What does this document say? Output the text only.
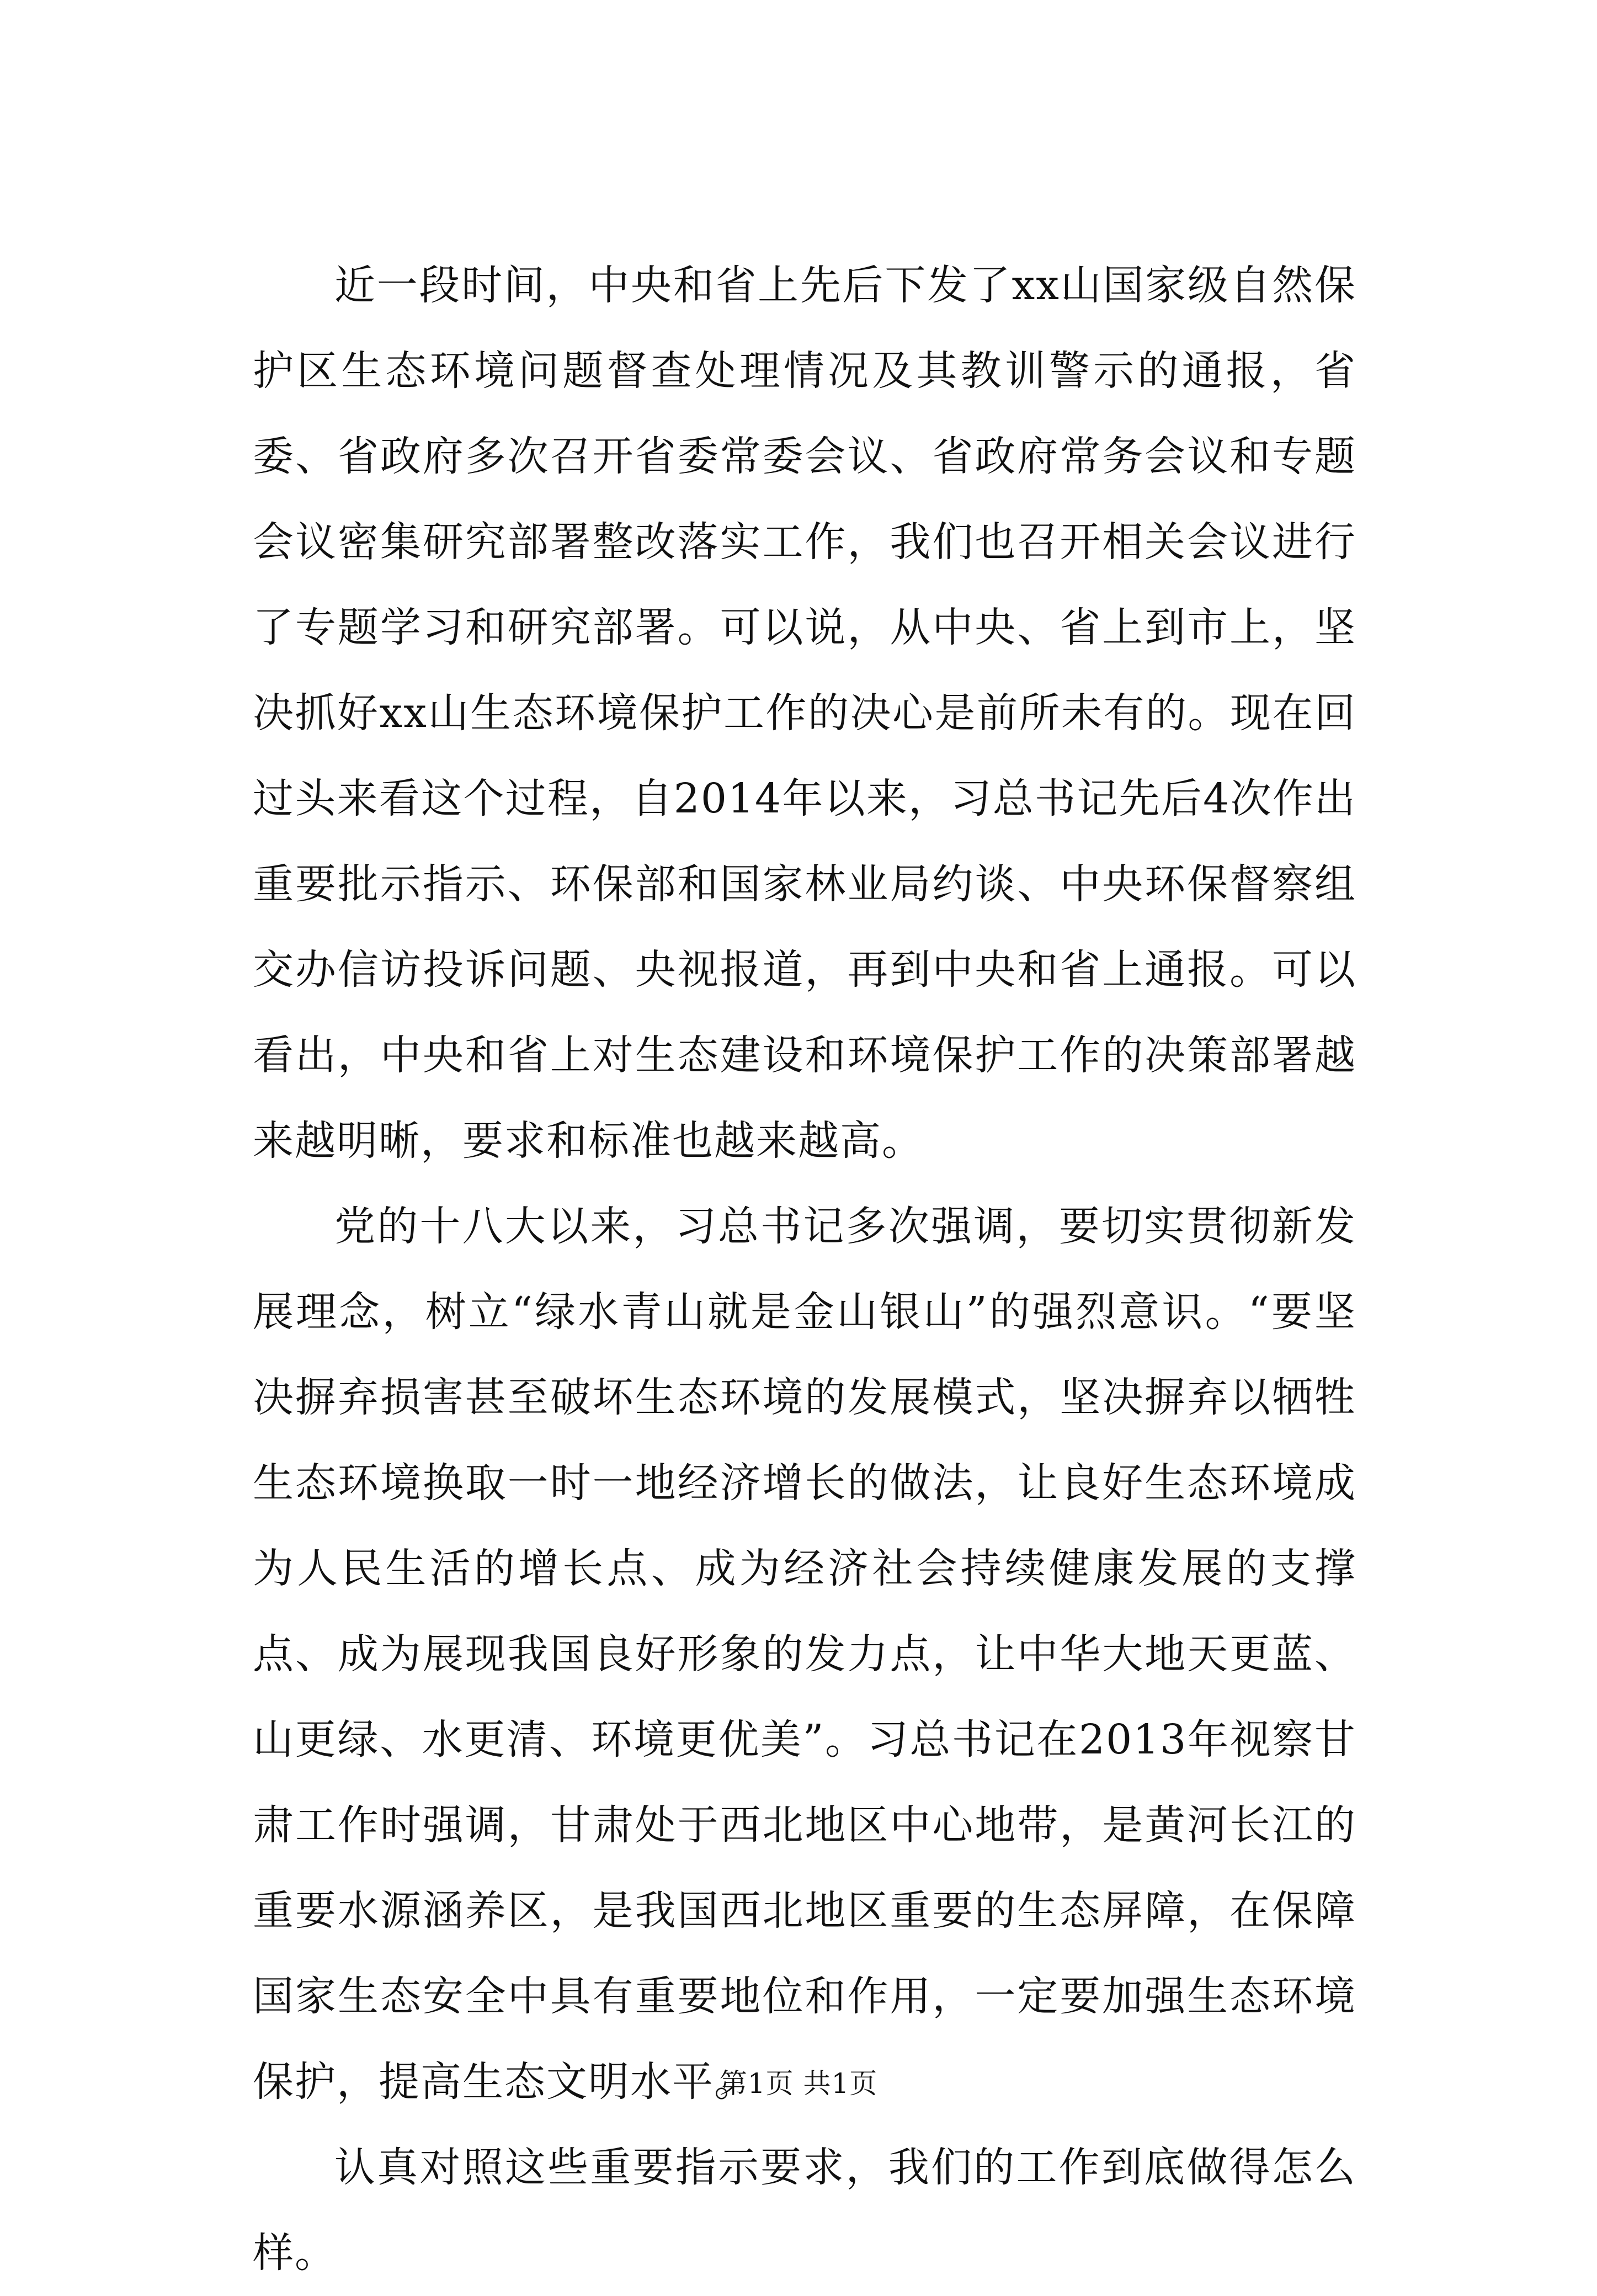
近一段时间，中央和省上先后下发了xx山国家级自然保护区生态环境问题督查处理情况及其教训警示的通报，省委、省政府多次召开省委常委会议、省政府常务会议和专题会议密集研究部署整改落实工作，我们也召开相关会议进行了专题学习和研究部署。可以说，从中央、省上到市上，坚决抓好xx山生态环境保护工作的决心是前所未有的。现在回过头来看这个过程，自2014年以来，习总书记先后4次作出重要批示指示、环保部和国家林业局约谈、中央环保督察组交办信访投诉问题、央视报道，再到中央和省上通报。可以看出，中央和省上对生态建设和环境保护工作的决策部署越来越明晰，要求和标准也越来越高。

党的十八大以来，习总书记多次强调，要切实贯彻新发展理念，树立“绿水青山就是金山银山”的强烈意识。“要坚决摒弃损害甚至破坏生态环境的发展模式，坚决摒弃以牺牲生态环境换取一时一地经济增长的做法，让良好生态环境成为人民生活的增长点、成为经济社会持续健康发展的支撑点、成为展现我国良好形象的发力点，让中华大地天更蓝、山更绿、水更清、环境更优美”。习总书记在2013年视察甘肃工作时强调，甘肃处于西北地区中心地带，是黄河长江的重要水源涵养区，是我国西北地区重要的生态屏障，在保障国家生态安全中具有重要地位和作用，一定要加强生态环境保护，提高生态文明水平。

认真对照这些重要指示要求，我们的工作到底做得怎么样。

第1页 共1页
